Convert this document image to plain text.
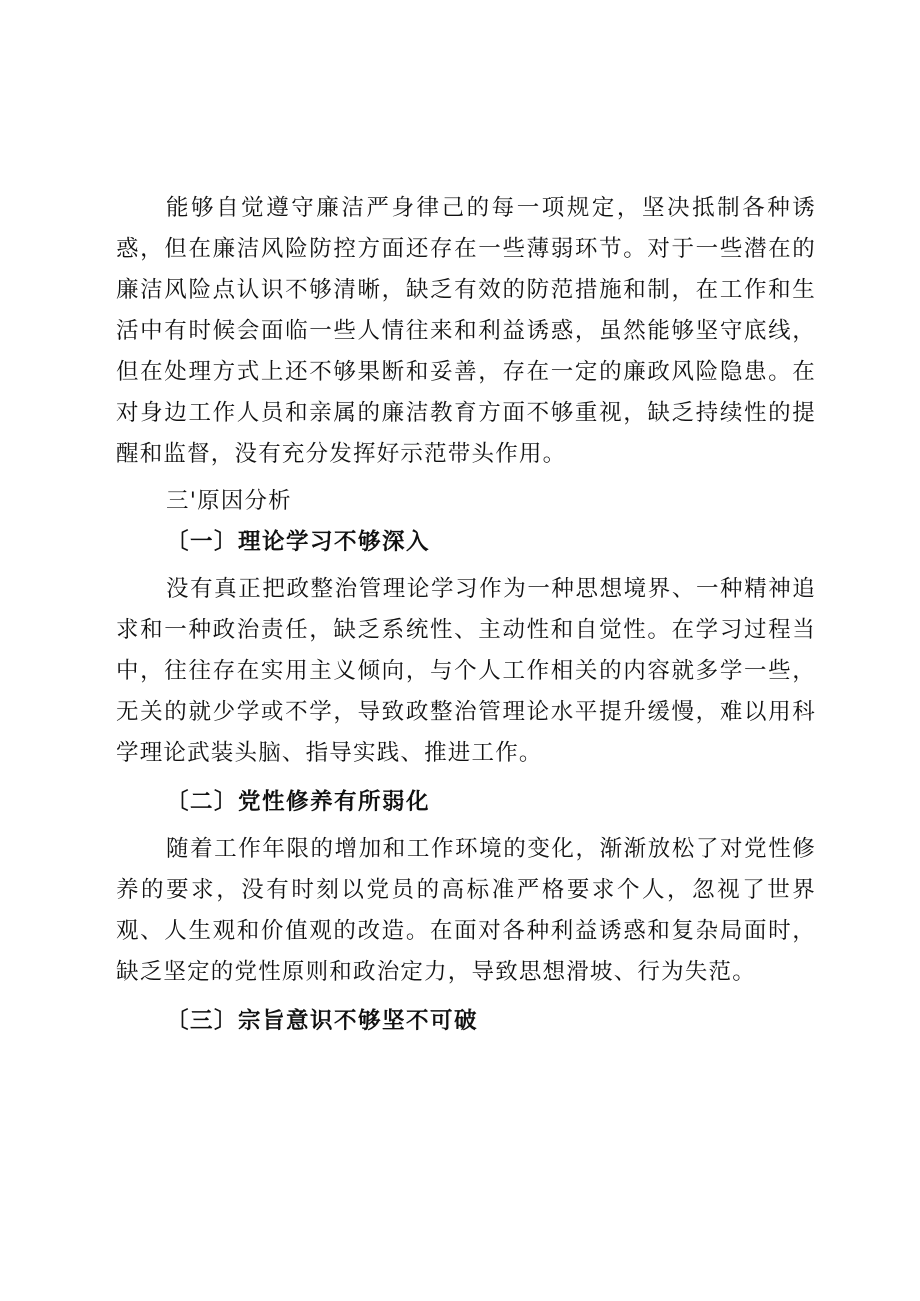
能够自觉遵守廉洁严身律己的每一项规定，坚决抵制各种诱惑，但在廉洁风险防控方面还存在一些薄弱环节。对于一些潜在的廉洁风险点认识不够清晰，缺乏有效的防范措施和制，在工作和生活中有时候会面临一些人情往来和利益诱惑，虽然能够坚守底线，但在处理方式上还不够果断和妥善，存在一定的廉政风险隐患。在对身边工作人员和亲属的廉洁教育方面不够重视，缺乏持续性的提醒和监督，没有充分发挥好示范带头作用。

三'原因分析

〔一〕理论学习不够深入

没有真正把政整治管理论学习作为一种思想境界、一种精神追求和一种政治责任，缺乏系统性、主动性和自觉性。在学习过程当中，往往存在实用主义倾向，与个人工作相关的内容就多学一些，无关的就少学或不学，导致政整治管理论水平提升缓慢，难以用科学理论武装头脑、指导实践、推进工作。

〔二〕党性修养有所弱化

随着工作年限的增加和工作环境的变化，渐渐放松了对党性修养的要求，没有时刻以党员的高标准严格要求个人，忽视了世界观、人生观和价值观的改造。在面对各种利益诱惑和复杂局面时，缺乏坚定的党性原则和政治定力，导致思想滑坡、行为失范。

〔三〕宗旨意识不够坚不可破
